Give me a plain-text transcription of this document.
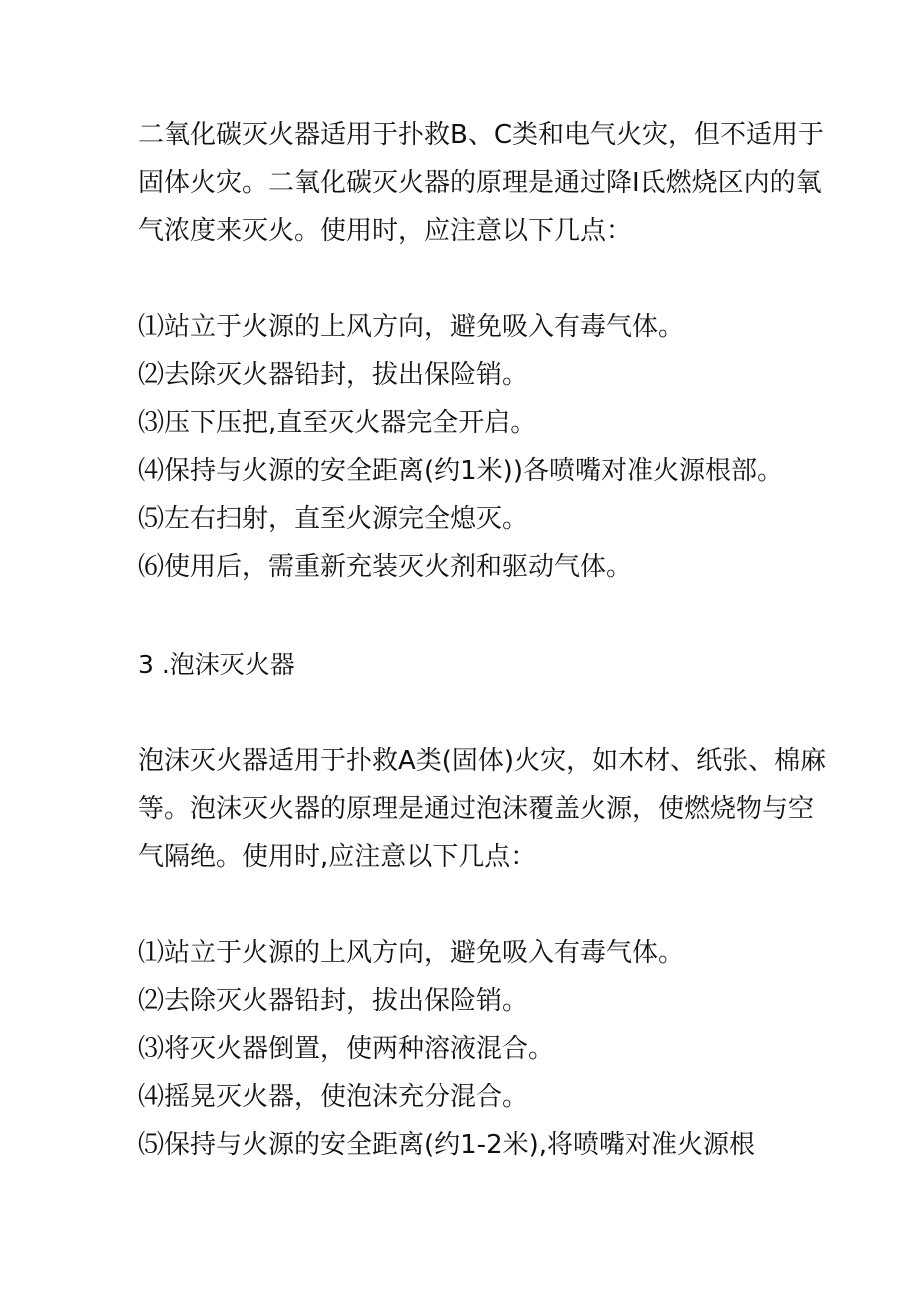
二氧化碳灭火器适用于扑救B、C类和电气火灾，但不适用于
固体火灾。二氧化碳灭火器的原理是通过降I氐燃烧区内的氧
气浓度来灭火。使用时，应注意以下几点：
⑴站立于火源的上风方向，避免吸入有毒气体。
⑵去除灭火器铅封，拔出保险销。
⑶压下压把,直至灭火器完全开启。
⑷保持与火源的安全距离(约1米))各喷嘴对准火源根部。
⑸左右扫射，直至火源完全熄灭。
⑹使用后，需重新充装灭火剂和驱动气体。
3 .泡沫灭火器
泡沫灭火器适用于扑救A类(固体)火灾，如木材、纸张、棉麻
等。泡沫灭火器的原理是通过泡沫覆盖火源，使燃烧物与空
气隔绝。使用时,应注意以下几点：
⑴站立于火源的上风方向，避免吸入有毒气体。
⑵去除灭火器铅封，拔出保险销。
⑶将灭火器倒置，使两种溶液混合。
⑷摇晃灭火器，使泡沫充分混合。
⑸保持与火源的安全距离(约1-2米),将喷嘴对准火源根
